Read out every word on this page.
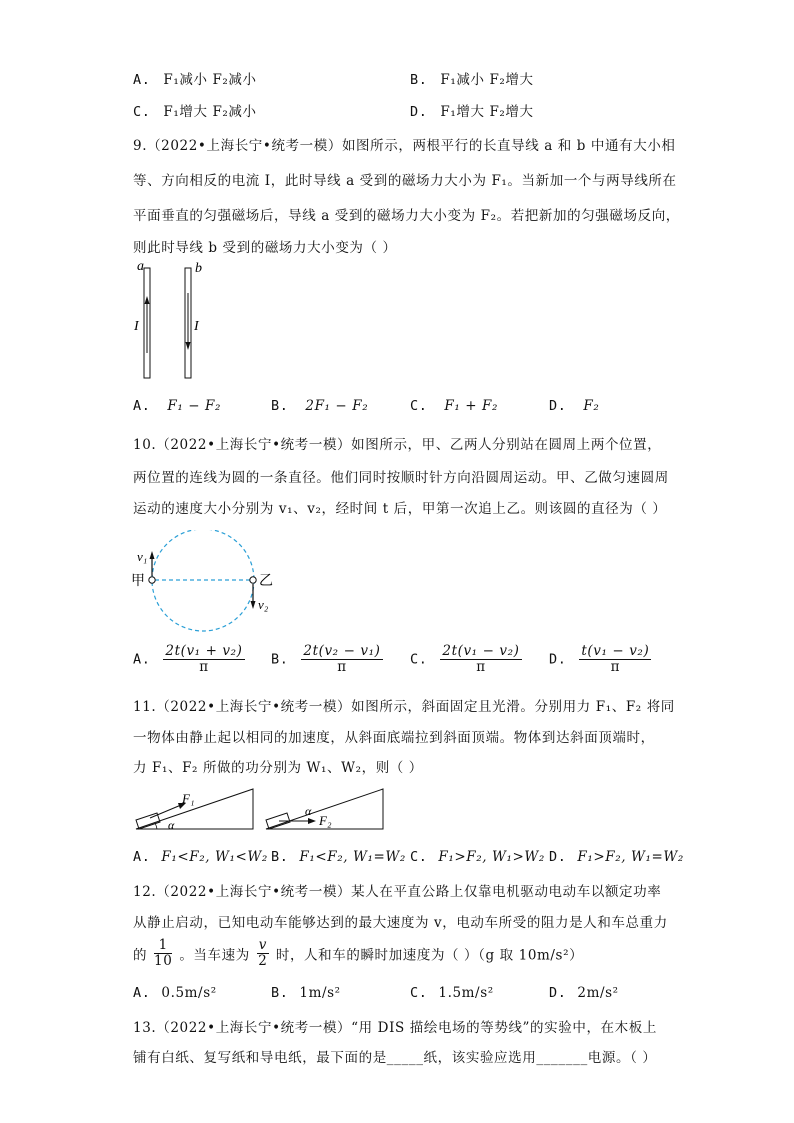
A. F₁减小 F₂减小	B. F₁减小 F₂增大
C. F₁增大 F₂减小	D. F₁增大 F₂增大
9.（2022•上海长宁•统考一模）如图所示，两根平行的长直导线 a 和 b 中通有大小相
等、方向相反的电流 I，此时导线 a 受到的磁场力大小为 F₁。当新加一个与两导线所在
平面垂直的匀强磁场后，导线 a 受到的磁场力大小变为 F₂。若把新加的匀强磁场反向，
则此时导线 b 受到的磁场力大小变为（ ）
a	b
I	I
A. F₁ − F₂	B. 2F₁ − F₂	C. F₁ + F₂	D. F₂
10.（2022•上海长宁•统考一模）如图所示，甲、乙两人分别站在圆周上两个位置，
两位置的连线为圆的一条直径。他们同时按顺时针方向沿圆周运动。甲、乙做匀速圆周
运动的速度大小分别为 v₁、v₂，经时间 t 后，甲第一次追上乙。则该圆的直径为（ ）
甲	乙
v₁
v₂
A. $\frac{\text{2t(v₁ + v₂)}}{\pi} B$. $\frac{\text{2t(v₂ − v₁)}}{\pi} C$. $\frac{\text{2t(v₁ − v₂)}}{\pi} D$. $\frac{\text{t(v₁ − v₂)}}{\pi}$
11.（2022•上海长宁•统考一模）如图所示，斜面固定且光滑。分别用力 F₁、F₂ 将同
一物体由静止起以相同的加速度，从斜面底端拉到斜面顶端。物体到达斜面顶端时，
力 F₁、F₂ 所做的功分别为 W₁、W₂，则（ ）
F₁
α
α
F₂
A. F₁<F₂, W₁<W₂ B. F₁<F₂, W₁=W₂ C. F₁>F₂, W₁>W₂ D. F₁>F₂, W₁=W₂
12.（2022•上海长宁•统考一模）某人在平直公路上仅靠电机驱动电动车以额定功率
从静止启动，已知电动车能够达到的最大速度为 v，电动车所受的阻力是人和车总重力
的 $\frac{1}{10}$ 。当车速为 $\frac{v}{2}$ 时，人和车的瞬时加速度为（ ）（g 取 10m/s²）
A. 0.5m/s²	B. 1m/s²	C. 1.5m/s²	D. 2m/s²
13.（2022•上海长宁•统考一模）“用 DIS 描绘电场的等势线”的实验中，在木板上
铺有白纸、复写纸和导电纸，最下面的是_____纸，该实验应选用_______电源。（ ）
